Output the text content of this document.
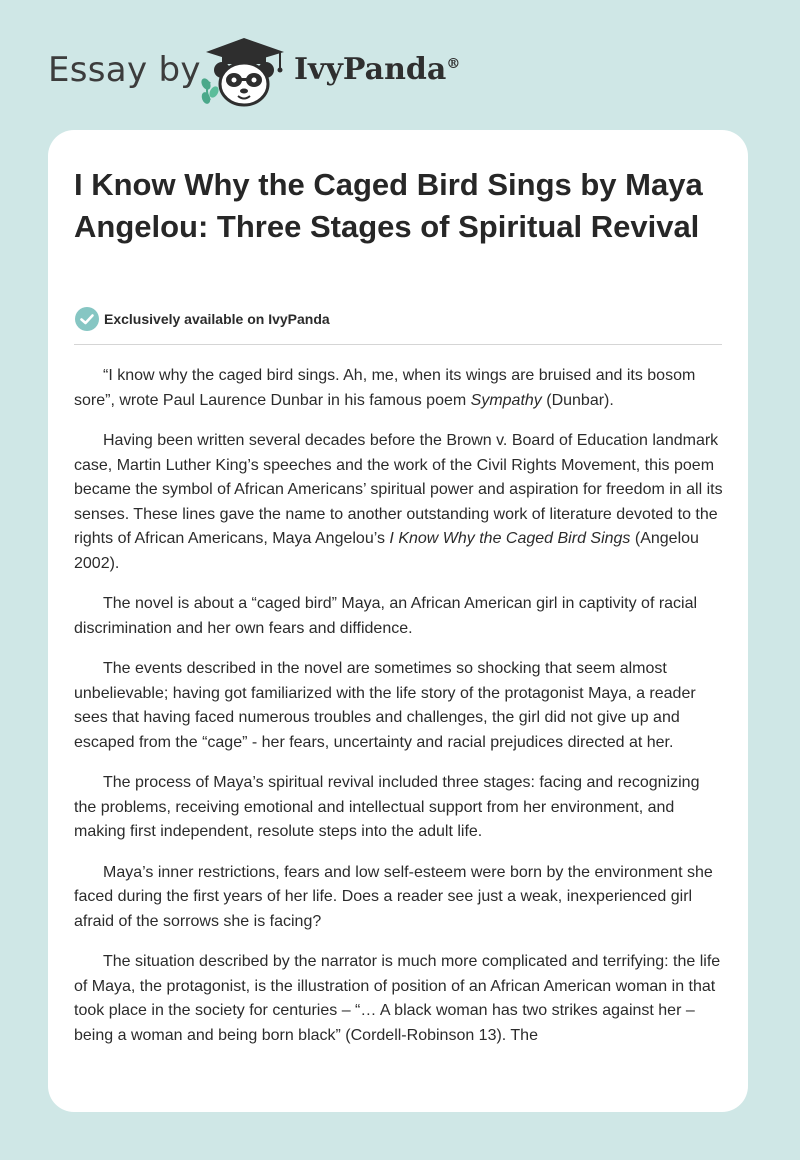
Essay by	IvyPanda®
I Know Why the Caged Bird Sings by Maya Angelou: Three Stages of Spiritual Revival
Exclusively available on IvyPanda

“I know why the caged bird sings. Ah, me, when its wings are bruised and its bosom sore”, wrote Paul Laurence Dunbar in his famous poem Sympathy (Dunbar).

Having been written several decades before the Brown v. Board of Education landmark case, Martin Luther King’s speeches and the work of the Civil Rights Movement, this poem became the symbol of African Americans’ spiritual power and aspiration for freedom in all its senses. These lines gave the name to another outstanding work of literature devoted to the rights of African Americans, Maya Angelou’s I Know Why the Caged Bird Sings (Angelou 2002).

The novel is about a “caged bird” Maya, an African American girl in captivity of racial discrimination and her own fears and diffidence.

The events described in the novel are sometimes so shocking that seem almost unbelievable; having got familiarized with the life story of the protagonist Maya, a reader sees that having faced numerous troubles and challenges, the girl did not give up and escaped from the “cage” - her fears, uncertainty and racial prejudices directed at her.

The process of Maya’s spiritual revival included three stages: facing and recognizing the problems, receiving emotional and intellectual support from her environment, and making first independent, resolute steps into the adult life.

Maya’s inner restrictions, fears and low self-esteem were born by the environment she faced during the first years of her life. Does a reader see just a weak, inexperienced girl afraid of the sorrows she is facing?

The situation described by the narrator is much more complicated and terrifying: the life of Maya, the protagonist, is the illustration of position of an African American woman in that took place in the society for centuries – “… A black woman has two strikes against her – being a woman and being born black” (Cordell-Robinson 13). The
